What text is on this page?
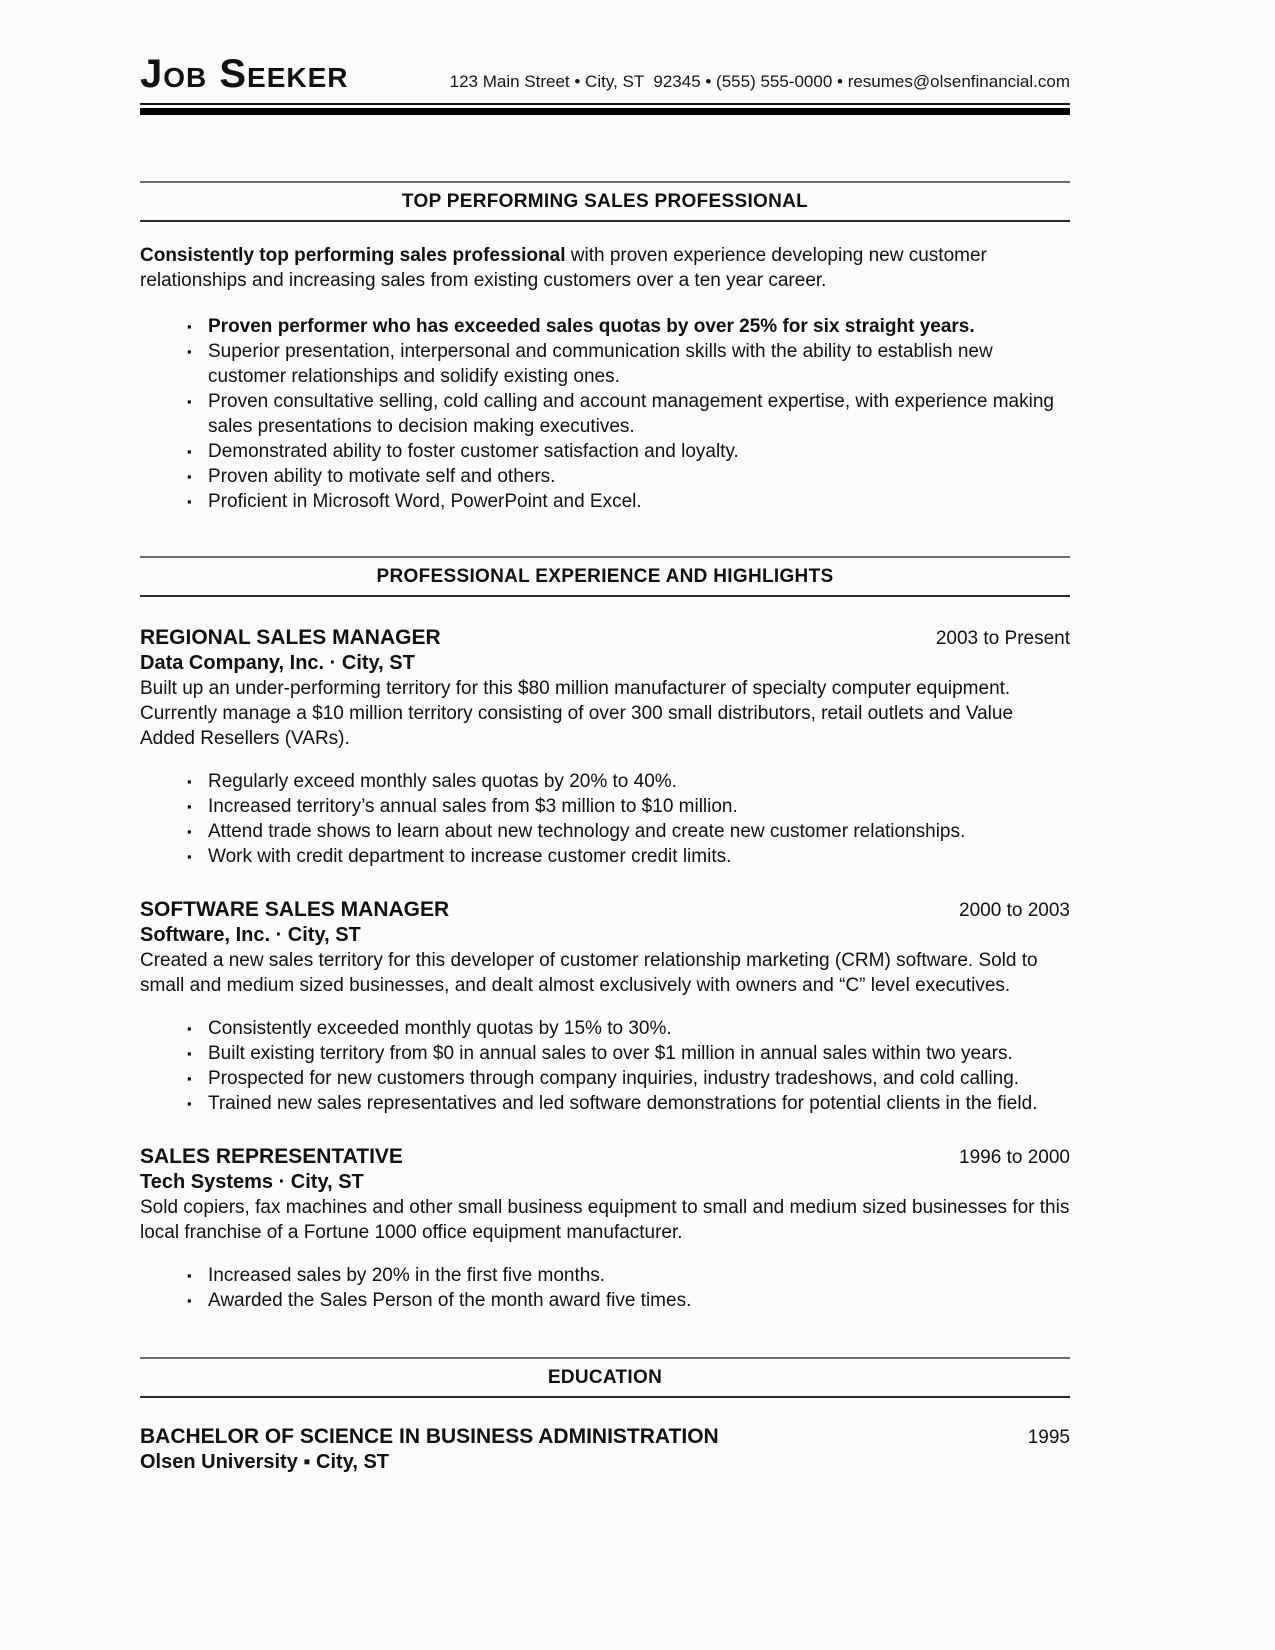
Job Seeker	123 Main Street • City, ST  92345 • (555) 555-0000 • resumes@olsenfinancial.com
TOP PERFORMING SALES PROFESSIONAL

Consistently top performing sales professional with proven experience developing new customer relationships and increasing sales from existing customers over a ten year career.

▪ Proven performer who has exceeded sales quotas by over 25% for six straight years.
▪ Superior presentation, interpersonal and communication skills with the ability to establish new customer relationships and solidify existing ones.
▪ Proven consultative selling, cold calling and account management expertise, with experience making sales presentations to decision making executives.
▪ Demonstrated ability to foster customer satisfaction and loyalty.
▪ Proven ability to motivate self and others.
▪ Proficient in Microsoft Word, PowerPoint and Excel.
PROFESSIONAL EXPERIENCE AND HIGHLIGHTS
REGIONAL SALES MANAGER	2003 to Present
Data Company, Inc. · City, ST

Built up an under-performing territory for this $80 million manufacturer of specialty computer equipment. Currently manage a $10 million territory consisting of over 300 small distributors, retail outlets and Value Added Resellers (VARs).

▪ Regularly exceed monthly sales quotas by 20% to 40%.
▪ Increased territory’s annual sales from $3 million to $10 million.
▪ Attend trade shows to learn about new technology and create new customer relationships.
▪ Work with credit department to increase customer credit limits.
SOFTWARE SALES MANAGER	2000 to 2003
Software, Inc. · City, ST

Created a new sales territory for this developer of customer relationship marketing (CRM) software. Sold to small and medium sized businesses, and dealt almost exclusively with owners and “C” level executives.

▪ Consistently exceeded monthly quotas by 15% to 30%.
▪ Built existing territory from $0 in annual sales to over $1 million in annual sales within two years.
▪ Prospected for new customers through company inquiries, industry tradeshows, and cold calling.
▪ Trained new sales representatives and led software demonstrations for potential clients in the field.
SALES REPRESENTATIVE	1996 to 2000
Tech Systems · City, ST

Sold copiers, fax machines and other small business equipment to small and medium sized businesses for this local franchise of a Fortune 1000 office equipment manufacturer.

▪ Increased sales by 20% in the first five months.
▪ Awarded the Sales Person of the month award five times.
EDUCATION
BACHELOR OF SCIENCE IN BUSINESS ADMINISTRATION	1995
Olsen University ▪ City, ST
